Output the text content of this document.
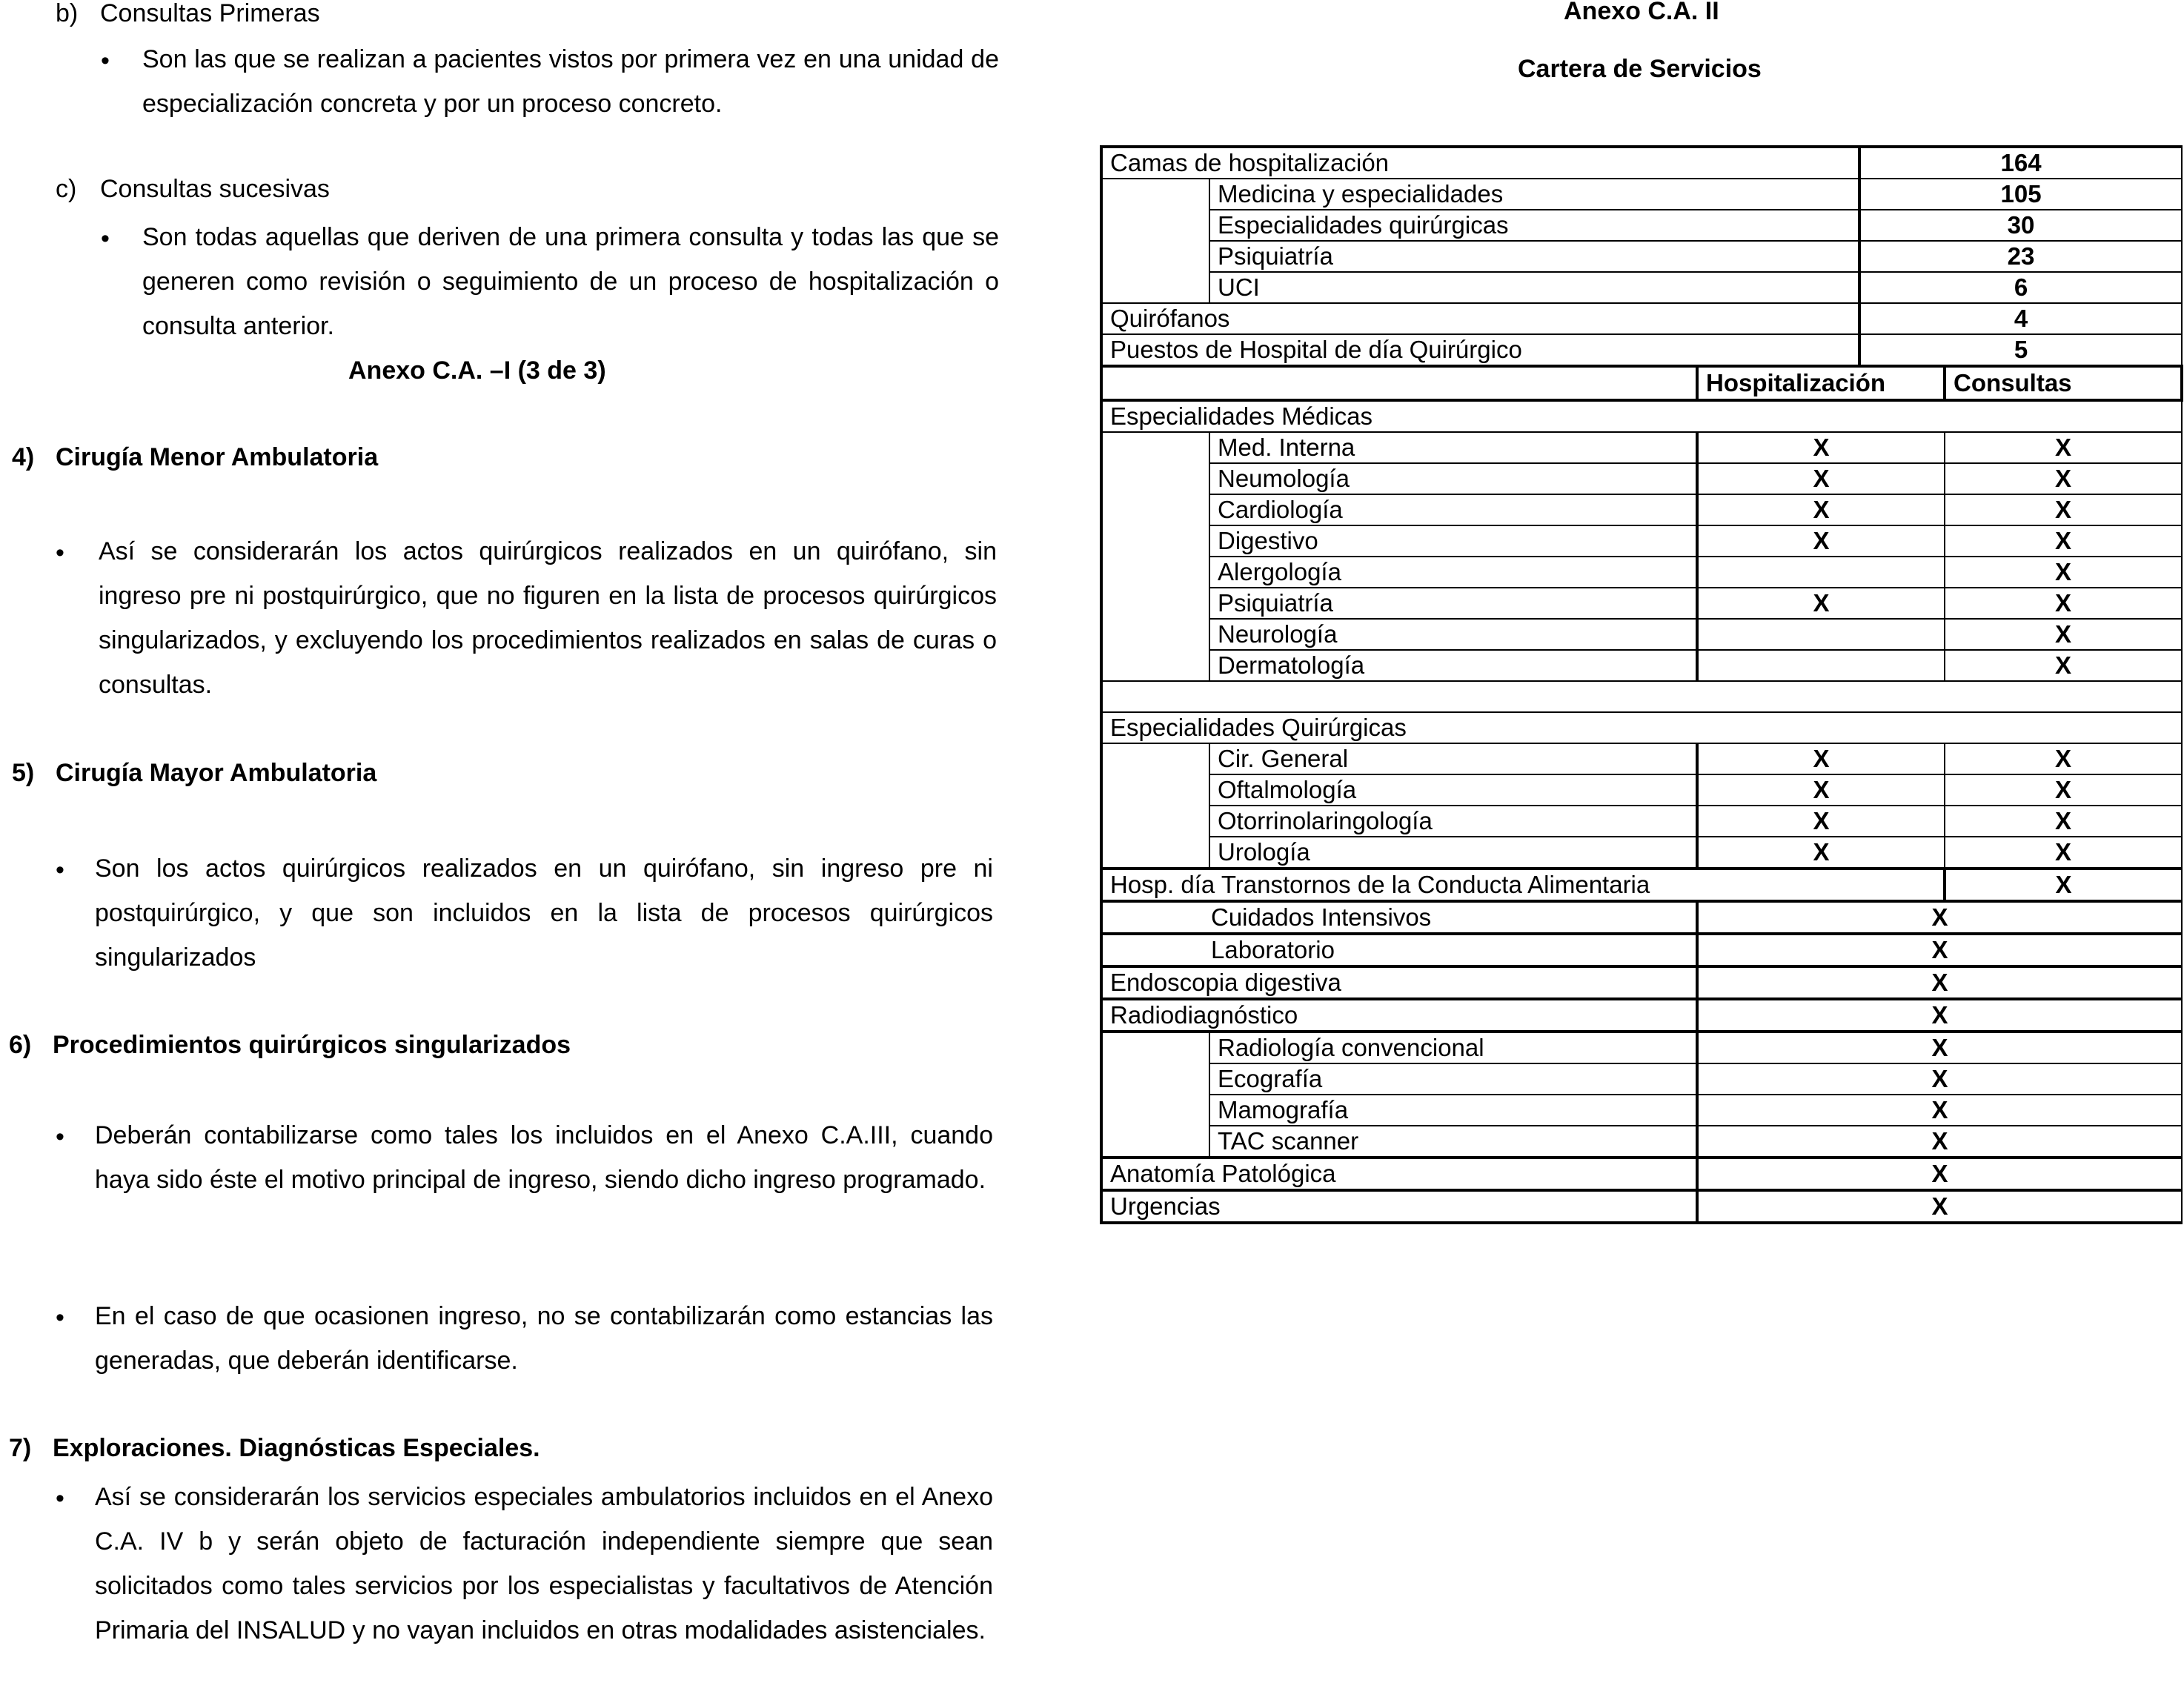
b) Consultas Primeras
• Son las que se realizan a pacientes vistos por primera vez en una unidad de especialización concreta y por un proceso concreto.
c) Consultas sucesivas
• Son todas aquellas que deriven de una primera consulta y todas las que se generen como revisión o seguimiento de un proceso de hospitalización o consulta anterior.
Anexo C.A. –I (3 de 3)
4) Cirugía Menor Ambulatoria
• Así se considerarán los actos quirúrgicos realizados en un quirófano, sin ingreso pre ni postquirúrgico, que no figuren en la lista de procesos quirúrgicos singularizados, y excluyendo los procedimientos realizados en salas de curas o consultas.
5) Cirugía Mayor Ambulatoria
• Son los actos quirúrgicos realizados en un quirófano, sin ingreso pre ni postquirúrgico, y que son incluidos en la lista de procesos quirúrgicos singularizados
6) Procedimientos quirúrgicos singularizados
• Deberán contabilizarse como tales los incluidos en el Anexo C.A.III, cuando haya sido éste el motivo principal de ingreso, siendo dicho ingreso programado.
• En el caso de que ocasionen ingreso, no se contabilizarán como estancias las generadas, que deberán identificarse.
7) Exploraciones. Diagnósticas Especiales.
• Así se considerarán los servicios especiales ambulatorios incluidos en el Anexo C.A. IV b y serán objeto de facturación independiente siempre que sean solicitados como tales servicios por los especialistas y facultativos de Atención Primaria del INSALUD y no vayan incluidos en otras modalidades asistenciales.
Anexo C.A. II
Cartera de Servicios
Camas de hospitalización			164	
	Medicina y especialidades		105	
	Especialidades quirúrgicas		30	
	Psiquiatría		23	
	UCI		6	
Quirófanos			4	
Puestos de Hospital de día Quirúrgico			5	
		Hospitalización		Consultas
Especialidades Médicas				
	Med. Interna	X		X
	Neumología	X		X
	Cardiología	X		X
	Digestivo	X		X
	Alergología			X
	Psiquiatría	X		X
	Neurología			X
	Dermatología			X

Especialidades Quirúrgicas				
	Cir. General	X		X
	Oftalmología	X		X
	Otorrinolaringología	X		X
	Urología	X		X
Hosp. día Transtornos de la Conducta Alimentaria				X
Cuidados Intensivos		X		
Laboratorio		X		
Endoscopia digestiva		X		
Radiodiagnóstico		X		
	Radiología convencional	X		
	Ecografía	X		
	Mamografía	X		
	TAC scanner	X		
Anatomía Patológica		X		
Urgencias		X		
